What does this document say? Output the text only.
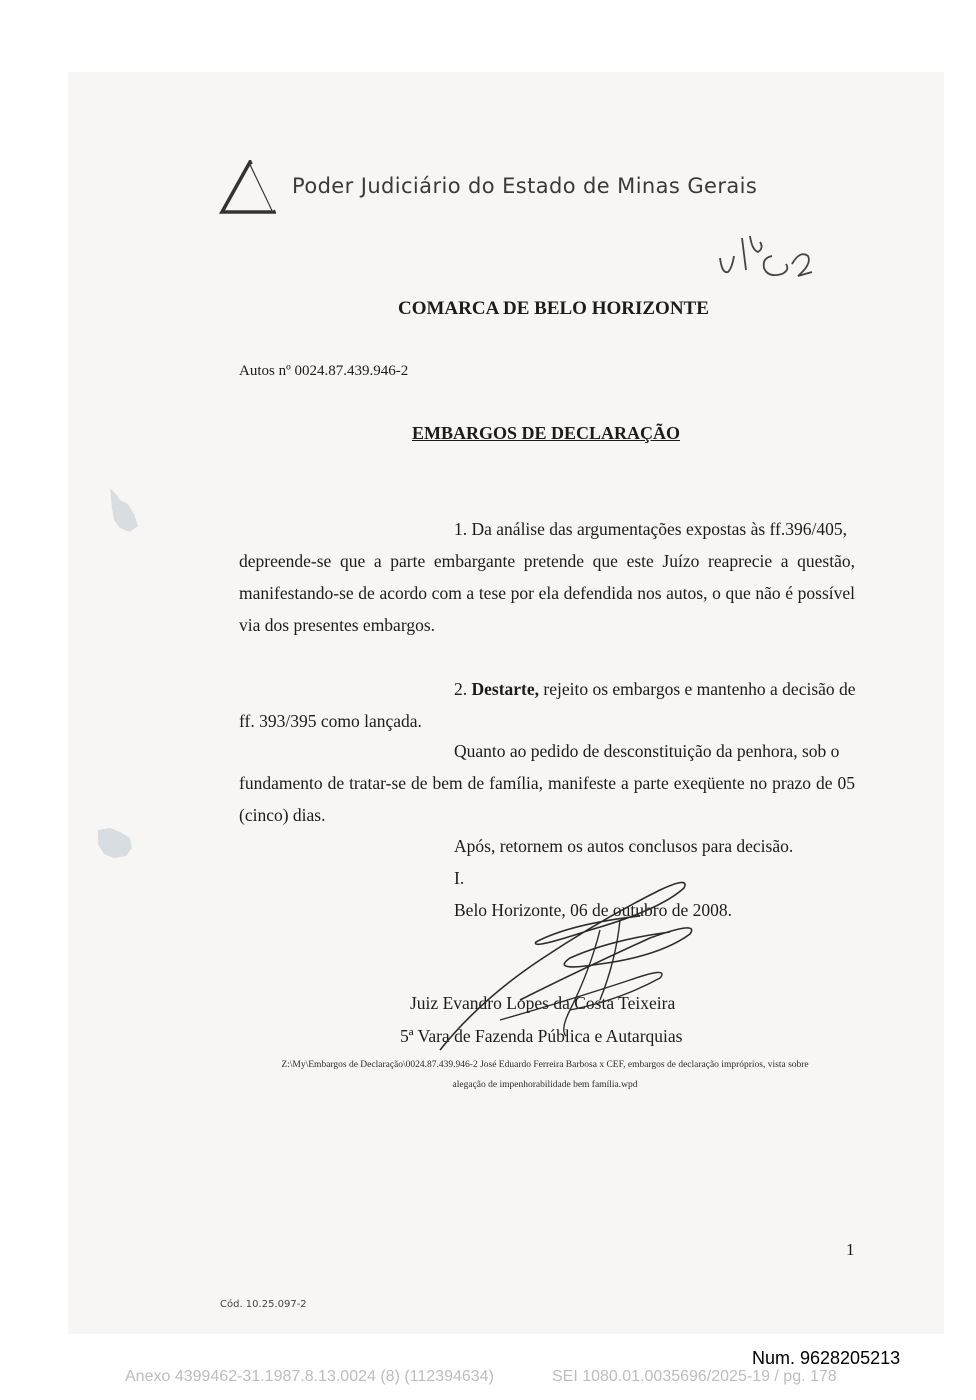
Poder Judiciário do Estado de Minas Gerais
COMARCA DE BELO HORIZONTE
Autos nº 0024.87.439.946-2
EMBARGOS DE DECLARAÇÃO
1. Da análise das argumentações expostas às ff.396/405,
depreende-se que a parte embargante pretende que este Juízo reaprecie a questão,
manifestando-se de acordo com a tese por ela defendida nos autos, o que não é possível
via dos presentes embargos.
2. Destarte, rejeito os embargos e mantenho a decisão de
ff. 393/395 como lançada.
Quanto ao pedido de desconstituição da penhora, sob o
fundamento de tratar-se de bem de família, manifeste a parte exeqüente no prazo de 05
(cinco) dias.
Após, retornem os autos conclusos para decisão.
I.
Belo Horizonte, 06 de outubro de 2008.
Juiz Evandro Lopes da Costa Teixeira
5ª Vara de Fazenda Pública e Autarquias
Z:\My\Embargos de Declaração\0024.87.439.946-2 José Eduardo Ferreira Barbosa x CEF, embargos de declaração impróprios, vista sobre
alegação de impenhorabilidade bem família.wpd
1
Cód. 10.25.097-2
Num. 9628205213
Anexo 4399462-31.1987.8.13.0024 (8) (112394634)	SEI 1080.01.0035696/2025-19 / pg. 178
